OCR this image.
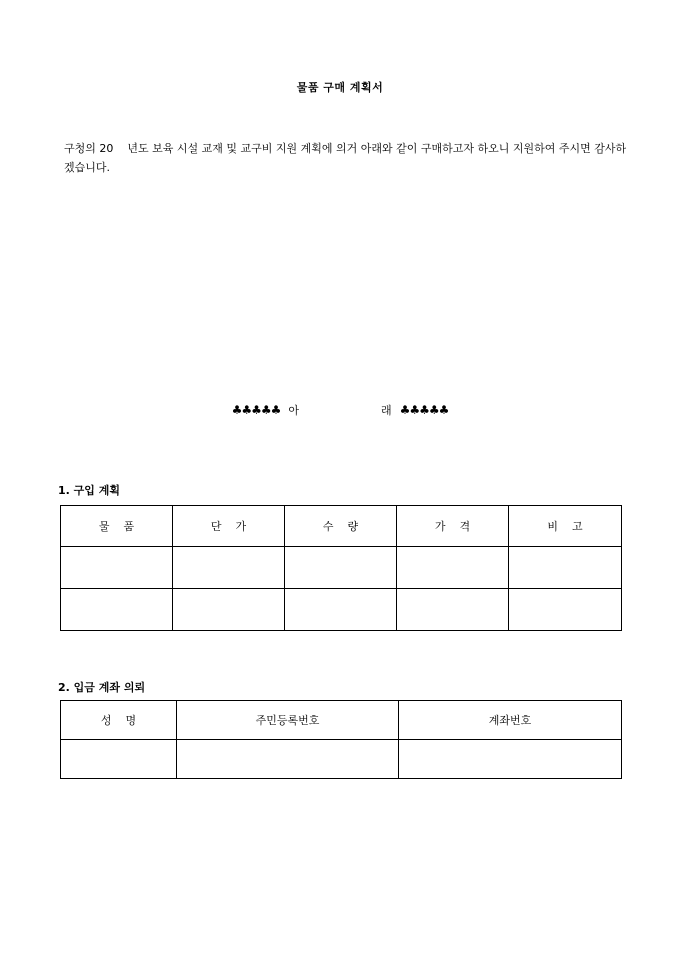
물품 구매 계획서
구청의 20    년도 보육 시설 교재 및 교구비 지원 계획에 의거 아래와 같이 구매하고자 하오니 지원하여 주시면 감사하겠습니다.
♣♣♣♣♣ 아	래 ♣♣♣♣♣
1. 구입 계획
물    품	단    가	수    량	가    격	비    고

2. 입금 계좌 의뢰
성    명	주민등록번호	계좌번호
